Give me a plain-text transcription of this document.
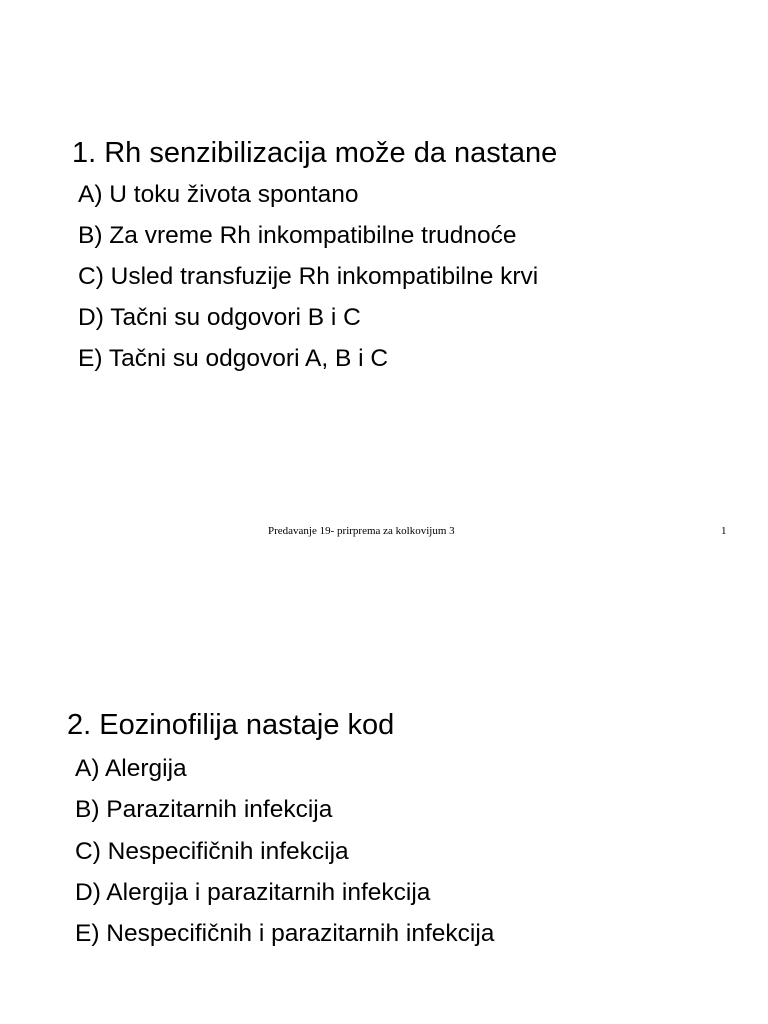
1. Rh senzibilizacija može da nastane
A) U toku života spontano
B) Za vreme Rh inkompatibilne trudnoće
C) Usled transfuzije Rh inkompatibilne krvi
D) Tačni su odgovori B i C
E) Tačni su odgovori A, B i C
Predavanje 19- prirprema za kolkovijum 3	1
2. Eozinofilija nastaje kod
A) Alergija
B) Parazitarnih infekcija
C) Nespecifičnih infekcija
D) Alergija i parazitarnih infekcija
E) Nespecifičnih i parazitarnih infekcija
